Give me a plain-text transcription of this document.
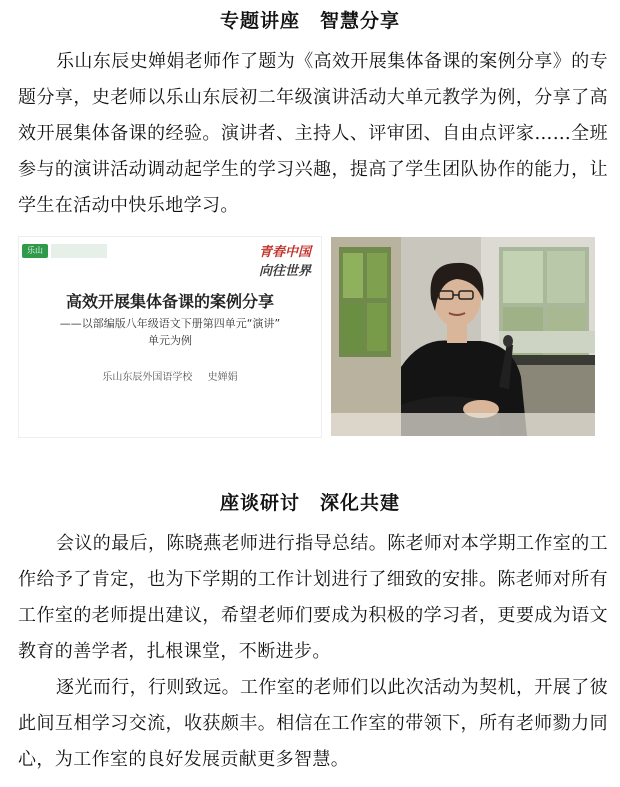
专题讲座　智慧分享

乐山东辰史婵娟老师作了题为《高效开展集体备课的案例分享》的专题分享，史老师以乐山东辰初二年级演讲活动大单元教学为例，分享了高效开展集体备课的经验。演讲者、主持人、评审团、自由点评家……全班参与的演讲活动调动起学生的学习兴趣，提高了学生团队协作的能力，让学生在活动中快乐地学习。

乐山	青春中国 向往世界
高效开展集体备课的案例分享
——以部编版八年级语文下册第四单元“演讲”
单元为例
乐山东辰外国语学校 史婵娟
座谈研讨　深化共建

会议的最后，陈晓燕老师进行指导总结。陈老师对本学期工作室的工作给予了肯定，也为下学期的工作计划进行了细致的安排。陈老师对所有工作室的老师提出建议，希望老师们要成为积极的学习者，更要成为语文教育的善学者，扎根课堂，不断进步。

逐光而行，行则致远。工作室的老师们以此次活动为契机，开展了彼此间互相学习交流，收获颇丰。相信在工作室的带领下，所有老师勠力同心，为工作室的良好发展贡献更多智慧。
